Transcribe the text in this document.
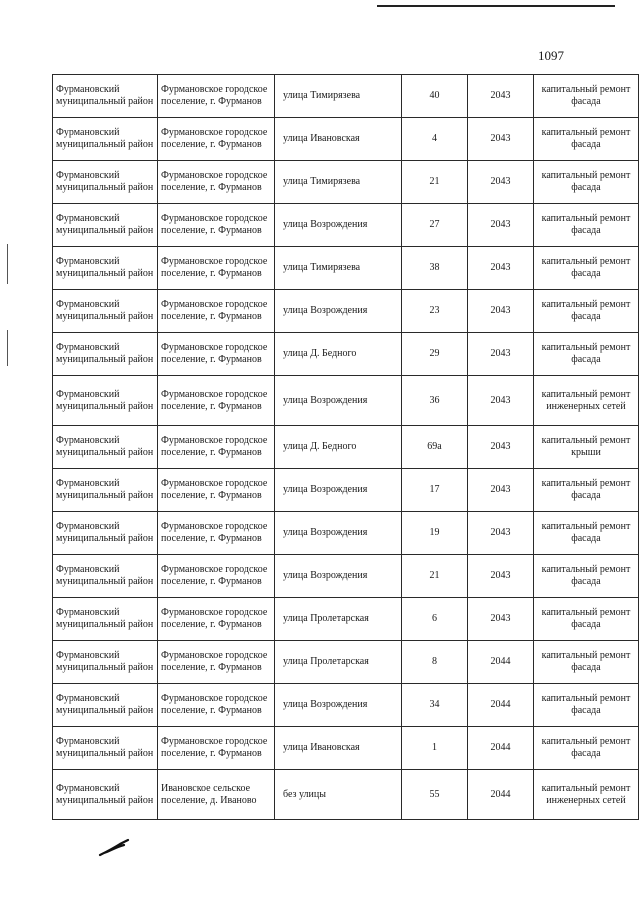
1097
Фурмановский муниципальный район	Фурмановское городское поселение, г. Фурманов	улица Тимирязева	40	2043	капитальный ремонт фасада
Фурмановский муниципальный район	Фурмановское городское поселение, г. Фурманов	улица Ивановская	4	2043	капитальный ремонт фасада
Фурмановский муниципальный район	Фурмановское городское поселение, г. Фурманов	улица Тимирязева	21	2043	капитальный ремонт фасада
Фурмановский муниципальный район	Фурмановское городское поселение, г. Фурманов	улица Возрождения	27	2043	капитальный ремонт фасада
Фурмановский муниципальный район	Фурмановское городское поселение, г. Фурманов	улица Тимирязева	38	2043	капитальный ремонт фасада
Фурмановский муниципальный район	Фурмановское городское поселение, г. Фурманов	улица Возрождения	23	2043	капитальный ремонт фасада
Фурмановский муниципальный район	Фурмановское городское поселение, г. Фурманов	улица Д. Бедного	29	2043	капитальный ремонт фасада
Фурмановский муниципальный район	Фурмановское городское поселение, г. Фурманов	улица Возрождения	36	2043	капитальный ремонт инженерных сетей
Фурмановский муниципальный район	Фурмановское городское поселение, г. Фурманов	улица Д. Бедного	69а	2043	капитальный ремонт крыши
Фурмановский муниципальный район	Фурмановское городское поселение, г. Фурманов	улица Возрождения	17	2043	капитальный ремонт фасада
Фурмановский муниципальный район	Фурмановское городское поселение, г. Фурманов	улица Возрождения	19	2043	капитальный ремонт фасада
Фурмановский муниципальный район	Фурмановское городское поселение, г. Фурманов	улица Возрождения	21	2043	капитальный ремонт фасада
Фурмановский муниципальный район	Фурмановское городское поселение, г. Фурманов	улица Пролетарская	6	2043	капитальный ремонт фасада
Фурмановский муниципальный район	Фурмановское городское поселение, г. Фурманов	улица Пролетарская	8	2044	капитальный ремонт фасада
Фурмановский муниципальный район	Фурмановское городское поселение, г. Фурманов	улица Возрождения	34	2044	капитальный ремонт фасада
Фурмановский муниципальный район	Фурмановское городское поселение, г. Фурманов	улица Ивановская	1	2044	капитальный ремонт фасада
Фурмановский муниципальный район	Ивановское сельское поселение, д. Иваново	без улицы	55	2044	капитальный ремонт инженерных сетей
